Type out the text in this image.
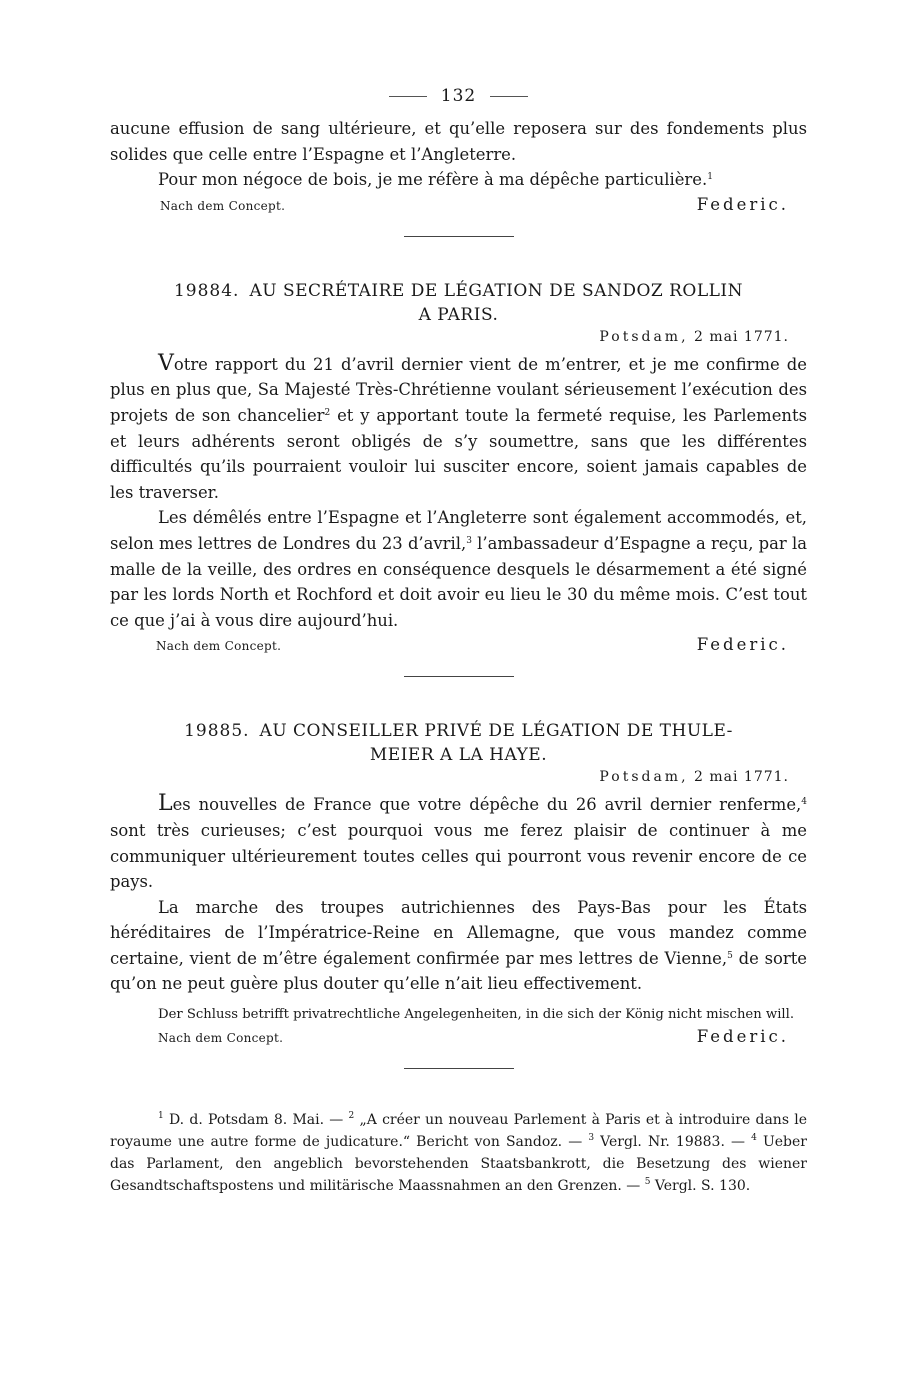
132

aucune effusion de sang ultérieure, et qu’elle reposera sur des fondements plus solides que celle entre l’Espagne et l’Angleterre.

Pour mon négoce de bois, je me réfère à ma dépêche particulière.$^1$

Nach dem Concept.	Federic.
19884. AU SECRÉTAIRE DE LÉGATION DE SANDOZ ROLLIN
A PARIS.
Potsdam, 2 mai 1771.

Votre rapport du 21 d’avril dernier vient de m’entrer, et je me confirme de plus en plus que, Sa Majesté Très-Chrétienne voulant sérieusement l’exécution des projets de son chancelier$^2$ et y apportant toute la fermeté requise, les Parlements et leurs adhérents seront obligés de s’y soumettre, sans que les différentes difficultés qu’ils pourraient vouloir lui susciter encore, soient jamais capables de les traverser.

Les démêlés entre l’Espagne et l’Angleterre sont également accommodés, et, selon mes lettres de Londres du 23 d’avril,$^3$ l’ambassadeur d’Espagne a reçu, par la malle de la veille, des ordres en conséquence desquels le désarmement a été signé par les lords North et Rochford et doit avoir eu lieu le 30 du même mois. C’est tout ce que j’ai à vous dire aujourd’hui.

Nach dem Concept.	Federic.
19885. AU CONSEILLER PRIVÉ DE LÉGATION DE THULE-
MEIER A LA HAYE.
Potsdam, 2 mai 1771.

Les nouvelles de France que votre dépêche du 26 avril dernier renferme,$^4$ sont très curieuses; c’est pourquoi vous me ferez plaisir de continuer à me communiquer ultérieurement toutes celles qui pourront vous revenir encore de ce pays.

La marche des troupes autrichiennes des Pays-Bas pour les États héréditaires de l’Impératrice-Reine en Allemagne, que vous mandez comme certaine, vient de m’être également confirmée par mes lettres de Vienne,$^5$ de sorte qu’on ne peut guère plus douter qu’elle n’ait lieu effectivement.

Der Schluss betrifft privatrechtliche Angelegenheiten, in die sich der König nicht mischen will.

Nach dem Concept.	Federic.
$^1$ D. d. Potsdam 8. Mai. — $^2$ „A créer un nouveau Parlement à Paris et à introduire dans le royaume une autre forme de judicature.“ Bericht von Sandoz. — $^3$ Vergl. Nr. 19883. — $^4$ Ueber das Parlament, den angeblich bevorstehenden Staatsbankrott, die Besetzung des wiener Gesandtschaftspostens und militärische Maassnahmen an den Grenzen. — $^5$ Vergl. S. 130.
